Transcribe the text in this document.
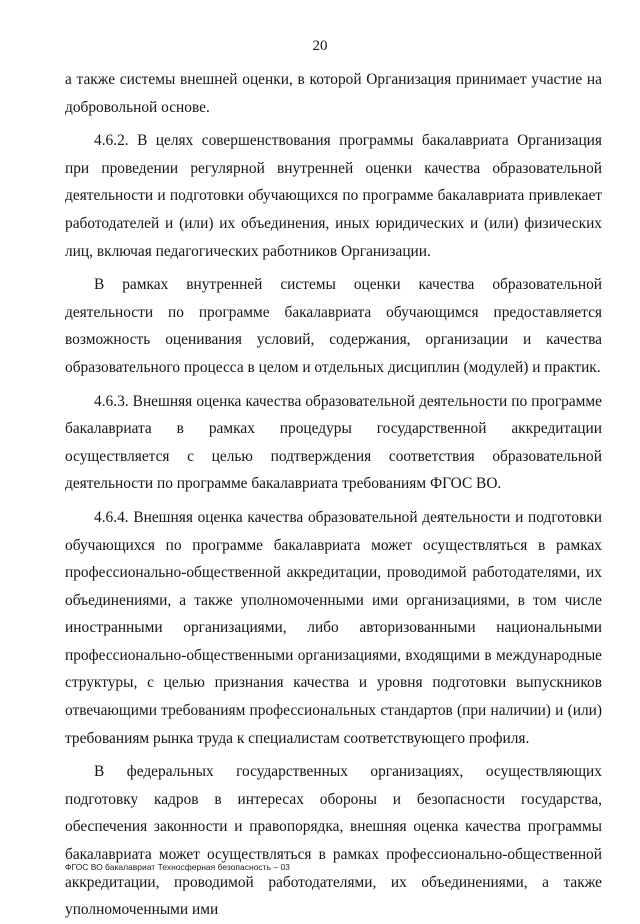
20

а также системы внешней оценки, в которой Организация принимает участие на добровольной основе.

4.6.2. В целях совершенствования программы бакалавриата Организация при проведении регулярной внутренней оценки качества образовательной деятельности и подготовки обучающихся по программе бакалавриата привлекает работодателей и (или) их объединения, иных юридических и (или) физических лиц, включая педагогических работников Организации.

В рамках внутренней системы оценки качества образовательной деятельности по программе бакалавриата обучающимся предоставляется возможность оценивания условий, содержания, организации и качества образовательного процесса в целом и отдельных дисциплин (модулей) и практик.

4.6.3. Внешняя оценка качества образовательной деятельности по программе бакалавриата в рамках процедуры государственной аккредитации осуществляется с целью подтверждения соответствия образовательной деятельности по программе бакалавриата требованиям ФГОС ВО.

4.6.4. Внешняя оценка качества образовательной деятельности и подготовки обучающихся по программе бакалавриата может осуществляться в рамках профессионально-общественной аккредитации, проводимой работодателями, их объединениями, а также уполномоченными ими организациями, в том числе иностранными организациями, либо авторизованными национальными профессионально-общественными организациями, входящими в международные структуры, с целью признания качества и уровня подготовки выпускников отвечающими требованиям профессиональных стандартов (при наличии) и (или) требованиям рынка труда к специалистам соответствующего профиля.

В федеральных государственных организациях, осуществляющих подготовку кадров в интересах обороны и безопасности государства, обеспечения законности и правопорядка, внешняя оценка качества программы бакалавриата может осуществляться в рамках профессионально-общественной аккредитации, проводимой работодателями, их объединениями, а также уполномоченными ими

ФГОС ВО бакалавриат Техносферная безопасность – 03
